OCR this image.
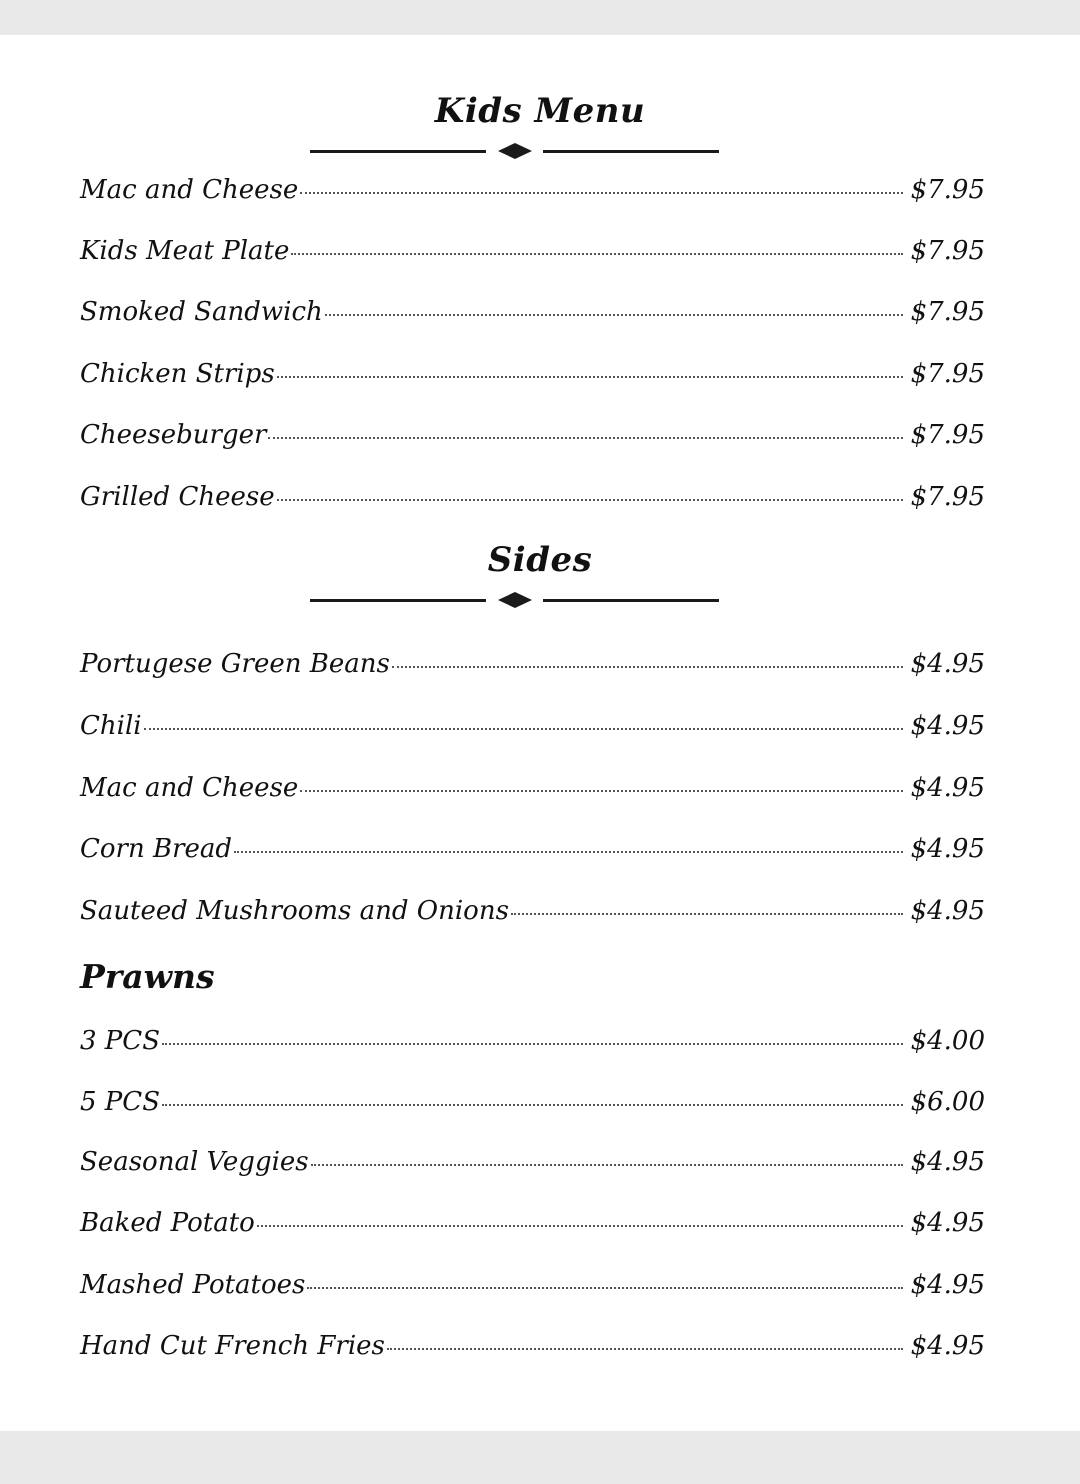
Kids Menu
Mac and Cheese	$7.95
Kids Meat Plate	$7.95
Smoked Sandwich	$7.95
Chicken Strips	$7.95
Cheeseburger	$7.95
Grilled Cheese	$7.95
Sides
Portugese Green Beans	$4.95
Chili	$4.95
Mac and Cheese	$4.95
Corn Bread	$4.95
Sauteed Mushrooms and Onions	$4.95
Prawns
3 PCS	$4.00
5 PCS	$6.00
Seasonal Veggies	$4.95
Baked Potato	$4.95
Mashed Potatoes	$4.95
Hand Cut French Fries	$4.95
